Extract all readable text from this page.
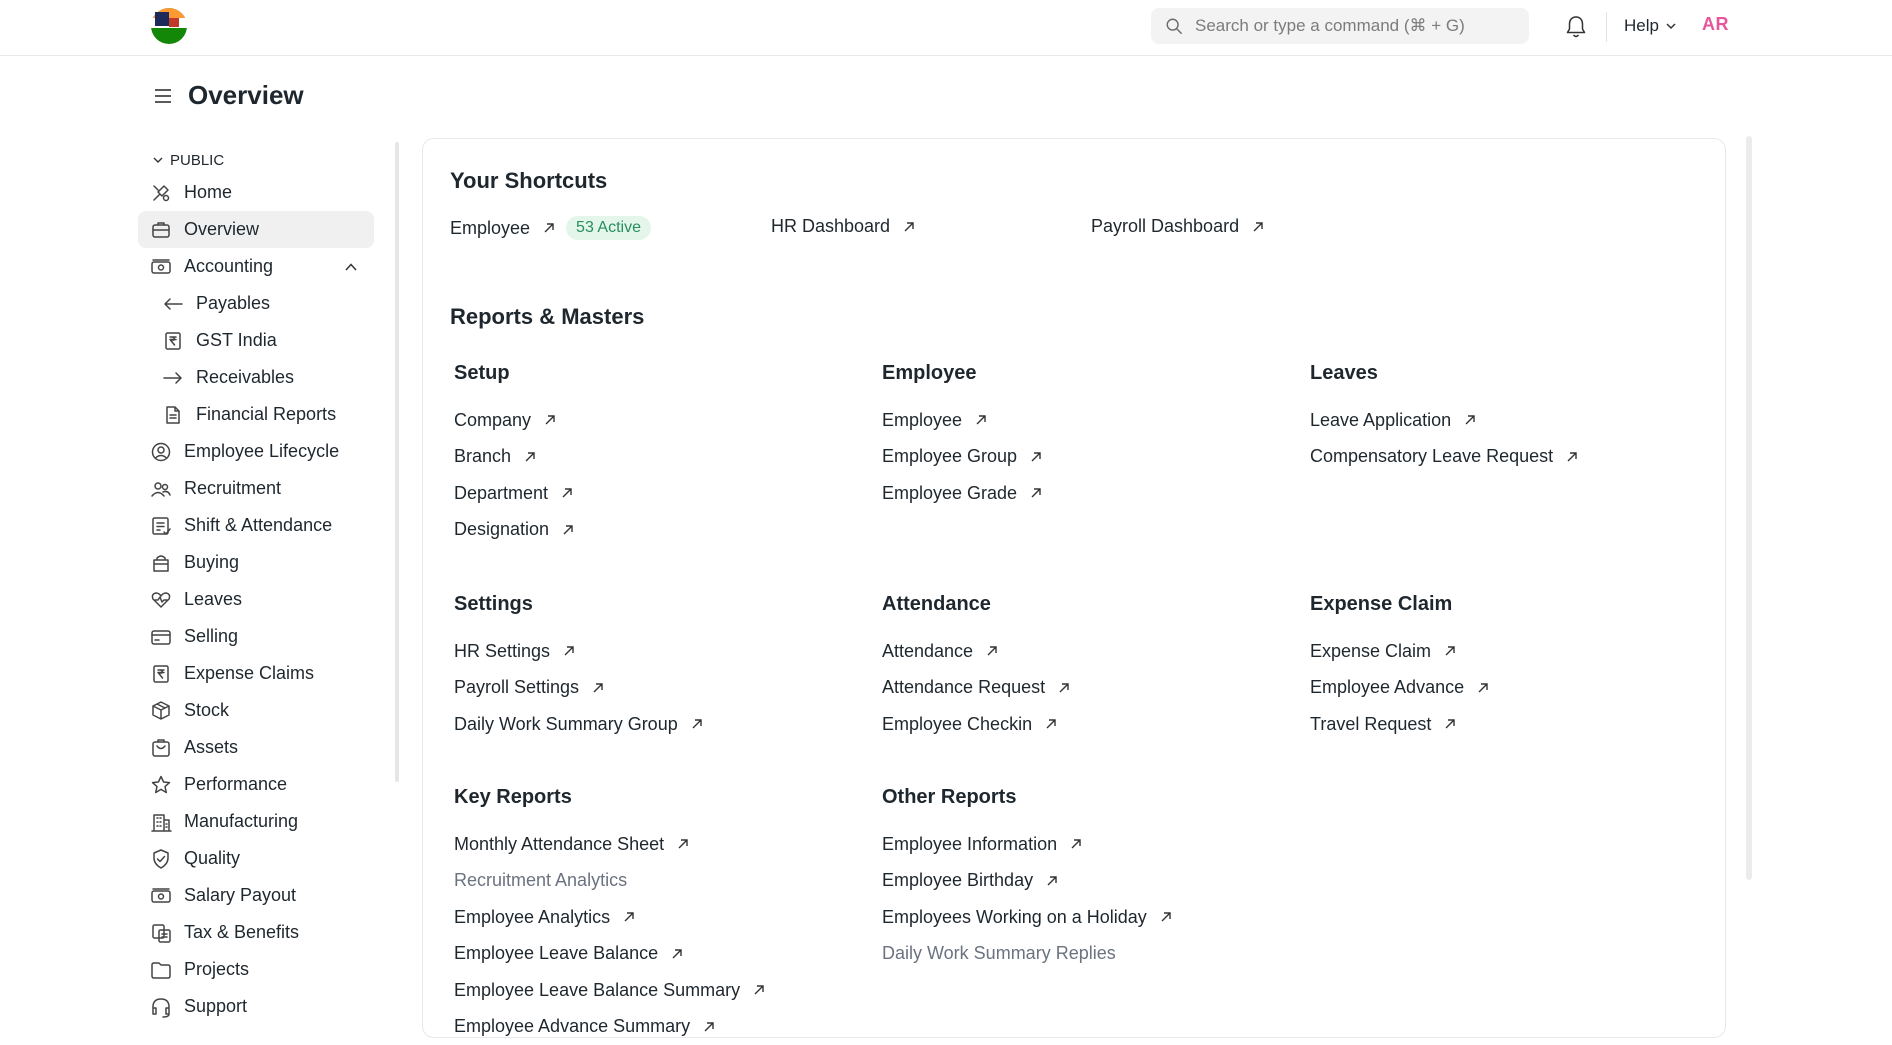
Search or type a command (⌘ + G)
Help AR
Overview
PUBLIC
Home
Overview
Accounting
Payables
GST India
Receivables
Financial Reports
Employee Lifecycle
Recruitment
Shift & Attendance
Buying
Leaves
Selling
Expense Claims
Stock
Assets
Performance
Manufacturing
Quality
Salary Payout
Tax & Benefits
Projects
Support
Your Shortcuts
Employee	53 Active	HR Dashboard	Payroll Dashboard
Reports & Masters
Setup
Company
Branch
Department
Designation
Employee
Employee
Employee Group
Employee Grade
Leaves
Leave Application
Compensatory Leave Request
Settings
HR Settings
Payroll Settings
Daily Work Summary Group
Attendance
Attendance
Attendance Request
Employee Checkin
Expense Claim
Expense Claim
Employee Advance
Travel Request
Key Reports
Monthly Attendance Sheet
Recruitment Analytics
Employee Analytics
Employee Leave Balance
Employee Leave Balance Summary
Employee Advance Summary
Other Reports
Employee Information
Employee Birthday
Employees Working on a Holiday
Daily Work Summary Replies
